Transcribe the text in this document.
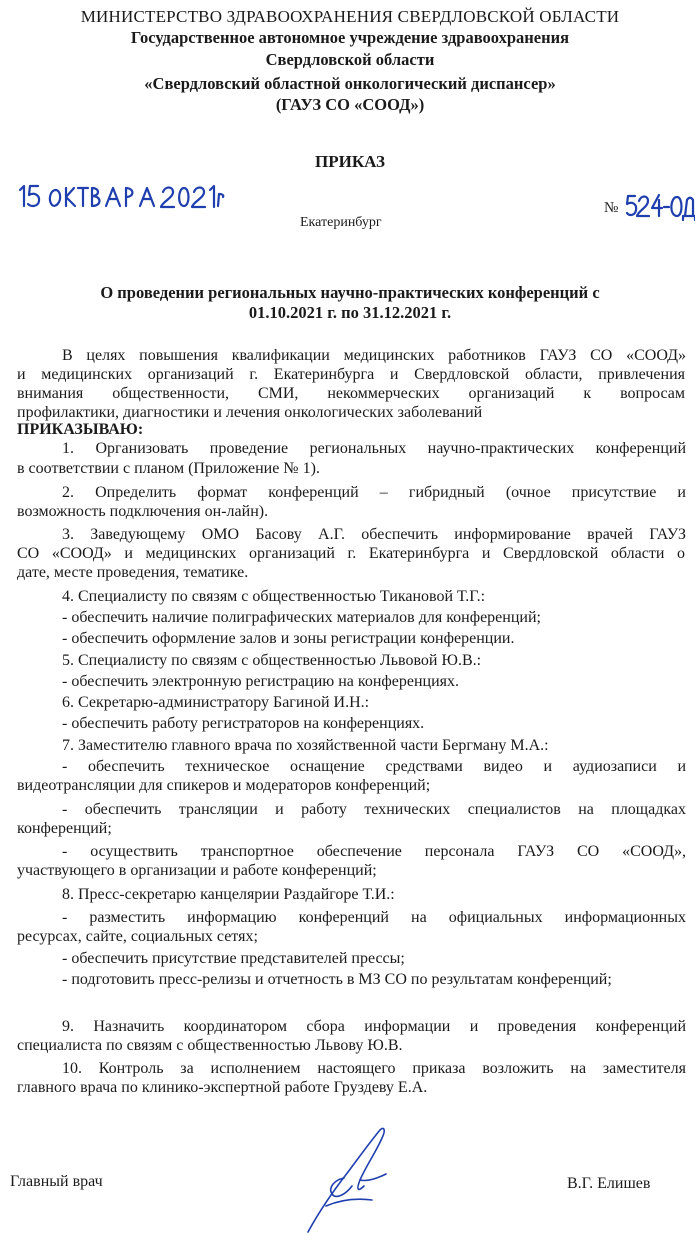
МИНИСТЕРСТВО ЗДРАВООХРАНЕНИЯ СВЕРДЛОВСКОЙ ОБЛАСТИ
Государственное автономное учреждение здравоохранения
Свердловской области
«Свердловский областной онкологический диспансер»
(ГАУЗ СО «СООД»)
ПРИКАЗ
Екатеринбург
№
О проведении региональных научно-практических конференций с
01.10.2021 г. по 31.12.2021 г.
В целях повышения квалификации медицинских работников ГАУЗ СО «СООД»
и медицинских организаций г. Екатеринбурга и Свердловской области, привлечения
внимания общественности, СМИ, некоммерческих организаций к вопросам
профилактики, диагностики и лечения онкологических заболеваний
ПРИКАЗЫВАЮ:
1. Организовать проведение региональных научно-практических конференций
в соответствии с планом (Приложение № 1).
2. Определить формат конференций – гибридный (очное присутствие и
возможность подключения он-лайн).
3. Заведующему ОМО Басову А.Г. обеспечить информирование врачей ГАУЗ
СО «СООД» и медицинских организаций г. Екатеринбурга и Свердловской области о
дате, месте проведения, тематике.
4. Специалисту по связям с общественностью Тикановой Т.Г.:
- обеспечить наличие полиграфических материалов для конференций;
- обеспечить оформление залов и зоны регистрации конференции.
5. Специалисту по связям с общественностью Львовой Ю.В.:
- обеспечить электронную регистрацию на конференциях.
6. Секретарю-администратору Багиной И.Н.:
- обеспечить работу регистраторов на конференциях.
7. Заместителю главного врача по хозяйственной части Бергману М.А.:
- обеспечить техническое оснащение средствами видео и аудиозаписи и
видеотрансляции для спикеров и модераторов конференций;
- обеспечить трансляции и работу технических специалистов на площадках
конференций;
- осуществить транспортное обеспечение персонала ГАУЗ СО «СООД»,
участвующего в организации и работе конференций;
8. Пресс-секретарю канцелярии Раздайгоре Т.И.:
- разместить информацию конференций на официальных информационных
ресурсах, сайте, социальных сетях;
- обеспечить присутствие представителей прессы;
- подготовить пресс-релизы и отчетность в МЗ СО по результатам конференций;
9. Назначить координатором сбора информации и проведения конференций
специалиста по связям с общественностью Львову Ю.В.
10. Контроль за исполнением настоящего приказа возложить на заместителя
главного врача по клинико-экспертной работе Груздеву Е.А.
Главный врач	В.Г. Елишев
